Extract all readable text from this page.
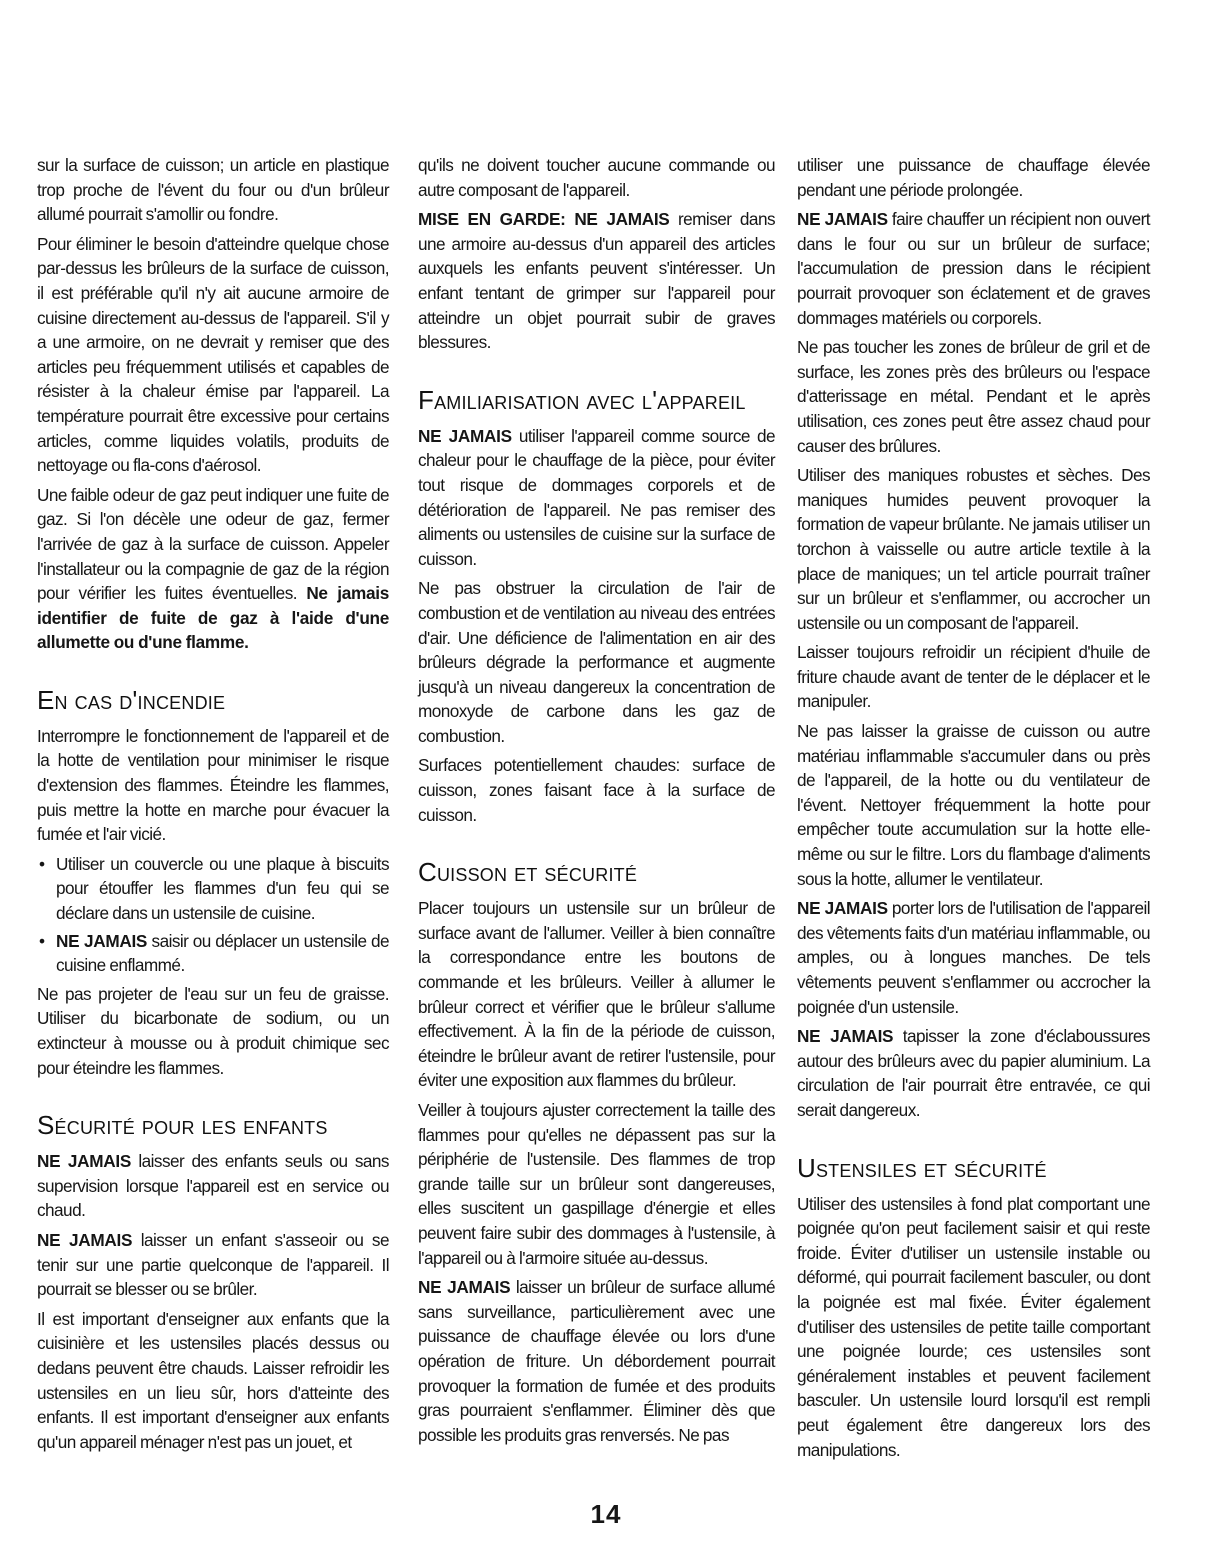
sur la surface de cuisson; un article en plastique trop proche de l'évent du four ou d'un brûleur allumé pourrait s'amollir ou fondre.

Pour éliminer le besoin d'atteindre quelque chose par-dessus les brûleurs de la surface de cuisson, il est préférable qu'il n'y ait aucune armoire de cuisine directement au-dessus de l'appareil. S'il y a une armoire, on ne devrait y remiser que des articles peu fréquemment utilisés et capables de résister à la chaleur émise par l'appareil. La température pourrait être excessive pour certains articles, comme liquides volatils, produits de nettoyage ou fla-cons d'aérosol.

Une faible odeur de gaz peut indiquer une fuite de gaz. Si l'on décèle une odeur de gaz, fermer l'arrivée de gaz à la surface de cuisson. Appeler l'installateur ou la compagnie de gaz de la région pour vérifier les fuites éventuelles. Ne jamais identifier de fuite de gaz à l'aide d'une allumette ou d'une flamme.

En cas d'incendie

Interrompre le fonctionnement de l'appareil et de la hotte de ventilation pour minimiser le risque d'extension des flammes. Éteindre les flammes, puis mettre la hotte en marche pour évacuer la fumée et l'air vicié.

• Utiliser un couvercle ou une plaque à biscuits pour étouffer les flammes d'un feu qui se déclare dans un ustensile de cuisine.
• NE JAMAIS saisir ou déplacer un ustensile de cuisine enflammé.

Ne pas projeter de l'eau sur un feu de graisse. Utiliser du bicarbonate de sodium, ou un extincteur à mousse ou à produit chimique sec pour éteindre les flammes.

Sécurité pour les enfants

NE JAMAIS laisser des enfants seuls ou sans supervision lorsque l'appareil est en service ou chaud.

NE JAMAIS laisser un enfant s'asseoir ou se tenir sur une partie quelconque de l'appareil. Il pourrait se blesser ou se brûler.

Il est important d'enseigner aux enfants que la cuisinière et les ustensiles placés dessus ou dedans peuvent être chauds. Laisser refroidir les ustensiles en un lieu sûr, hors d'atteinte des enfants. Il est important d'enseigner aux enfants qu'un appareil ménager n'est pas un jouet, et

qu'ils ne doivent toucher aucune commande ou autre composant de l'appareil.

MISE EN GARDE: NE JAMAIS remiser dans une armoire au-dessus d'un appareil des articles auxquels les enfants peuvent s'intéresser. Un enfant tentant de grimper sur l'appareil pour atteindre un objet pourrait subir de graves blessures.

Familiarisation avec l'appareil

NE JAMAIS utiliser l'appareil comme source de chaleur pour le chauffage de la pièce, pour éviter tout risque de dommages corporels et de détérioration de l'appareil. Ne pas remiser des aliments ou ustensiles de cuisine sur la surface de cuisson.

Ne pas obstruer la circulation de l'air de combustion et de ventilation au niveau des entrées d'air. Une déficience de l'alimentation en air des brûleurs dégrade la performance et augmente jusqu'à un niveau dangereux la concentration de monoxyde de carbone dans les gaz de combustion.

Surfaces potentiellement chaudes: surface de cuisson, zones faisant face à la surface de cuisson.

Cuisson et sécurité

Placer toujours un ustensile sur un brûleur de surface avant de l'allumer. Veiller à bien connaître la correspondance entre les boutons de commande et les brûleurs. Veiller à allumer le brûleur correct et vérifier que le brûleur s'allume effectivement. À la fin de la période de cuisson, éteindre le brûleur avant de retirer l'ustensile, pour éviter une exposition aux flammes du brûleur.

Veiller à toujours ajuster correctement la taille des flammes pour qu'elles ne dépassent pas sur la périphérie de l'ustensile. Des flammes de trop grande taille sur un brûleur sont dangereuses, elles suscitent un gaspillage d'énergie et elles peuvent faire subir des dommages à l'ustensile, à l'appareil ou à l'armoire située au-dessus.

NE JAMAIS laisser un brûleur de surface allumé sans surveillance, particulièrement avec une puissance de chauffage élevée ou lors d'une opération de friture. Un débordement pourrait provoquer la formation de fumée et des produits gras pourraient s'enflammer. Éliminer dès que possible les produits gras renversés. Ne pas

utiliser une puissance de chauffage élevée pendant une période prolongée.

NE JAMAIS faire chauffer un récipient non ouvert dans le four ou sur un brûleur de surface; l'accumulation de pression dans le récipient pourrait provoquer son éclatement et de graves dommages matériels ou corporels.

Ne pas toucher les zones de brûleur de gril et de surface, les zones près des brûleurs ou l'espace d'atterissage en métal. Pendant et le après utilisation, ces zones peut être assez chaud pour causer des brûlures.

Utiliser des maniques robustes et sèches. Des maniques humides peuvent provoquer la formation de vapeur brûlante. Ne jamais utiliser un torchon à vaisselle ou autre article textile à la place de maniques; un tel article pourrait traîner sur un brûleur et s'enflammer, ou accrocher un ustensile ou un composant de l'appareil.

Laisser toujours refroidir un récipient d'huile de friture chaude avant de tenter de le déplacer et le manipuler.

Ne pas laisser la graisse de cuisson ou autre matériau inflammable s'accumuler dans ou près de l'appareil, de la hotte ou du ventilateur de l'évent. Nettoyer fréquemment la hotte pour empêcher toute accumulation sur la hotte elle-même ou sur le filtre. Lors du flambage d'aliments sous la hotte, allumer le ventilateur.

NE JAMAIS porter lors de l'utilisation de l'appareil des vêtements faits d'un matériau inflammable, ou amples, ou à longues manches. De tels vêtements peuvent s'enflammer ou accrocher la poignée d'un ustensile.

NE JAMAIS tapisser la zone d'éclaboussures autour des brûleurs avec du papier aluminium. La circulation de l'air pourrait être entravée, ce qui serait dangereux.

Ustensiles et sécurité

Utiliser des ustensiles à fond plat comportant une poignée qu'on peut facilement saisir et qui reste froide. Éviter d'utiliser un ustensile instable ou déformé, qui pourrait facilement basculer, ou dont la poignée est mal fixée. Éviter également d'utiliser des ustensiles de petite taille comportant une poignée lourde; ces ustensiles sont généralement instables et peuvent facilement basculer. Un ustensile lourd lorsqu'il est rempli peut également être dangereux lors des manipulations.

14
